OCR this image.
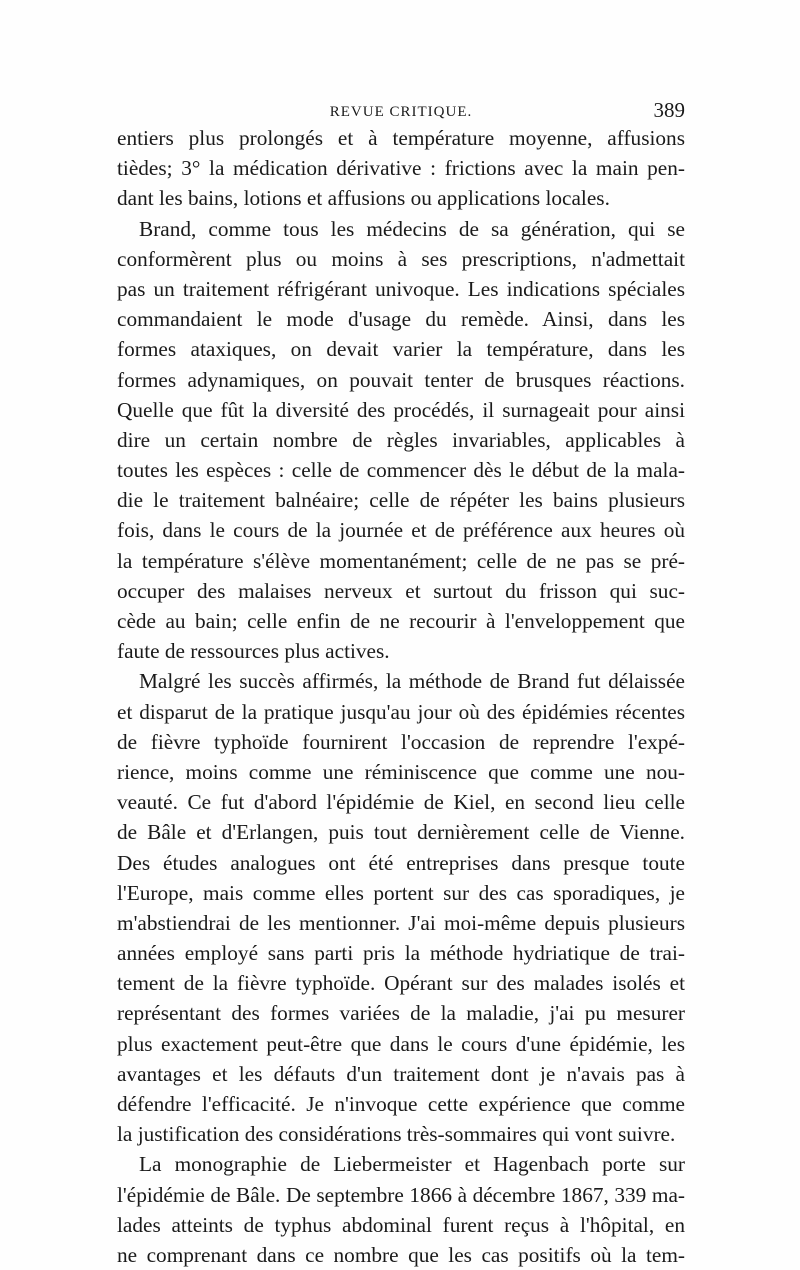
REVUE CRITIQUE.	389
entiers plus prolongés et à température moyenne, affusions
tièdes; 3° la médication dérivative : frictions avec la main pen-
dant les bains, lotions et affusions ou applications locales.
Brand, comme tous les médecins de sa génération, qui se
conformèrent plus ou moins à ses prescriptions, n'admettait
pas un traitement réfrigérant univoque. Les indications spéciales
commandaient le mode d'usage du remède. Ainsi, dans les
formes ataxiques, on devait varier la température, dans les
formes adynamiques, on pouvait tenter de brusques réactions.
Quelle que fût la diversité des procédés, il surnageait pour ainsi
dire un certain nombre de règles invariables, applicables à
toutes les espèces : celle de commencer dès le début de la mala-
die le traitement balnéaire; celle de répéter les bains plusieurs
fois, dans le cours de la journée et de préférence aux heures où
la température s'élève momentanément; celle de ne pas se pré-
occuper des malaises nerveux et surtout du frisson qui suc-
cède au bain; celle enfin de ne recourir à l'enveloppement que
faute de ressources plus actives.
Malgré les succès affirmés, la méthode de Brand fut délaissée
et disparut de la pratique jusqu'au jour où des épidémies récentes
de fièvre typhoïde fournirent l'occasion de reprendre l'expé-
rience, moins comme une réminiscence que comme une nou-
veauté. Ce fut d'abord l'épidémie de Kiel, en second lieu celle
de Bâle et d'Erlangen, puis tout dernièrement celle de Vienne.
Des études analogues ont été entreprises dans presque toute
l'Europe, mais comme elles portent sur des cas sporadiques, je
m'abstiendrai de les mentionner. J'ai moi-même depuis plusieurs
années employé sans parti pris la méthode hydriatique de trai-
tement de la fièvre typhoïde. Opérant sur des malades isolés et
représentant des formes variées de la maladie, j'ai pu mesurer
plus exactement peut-être que dans le cours d'une épidémie, les
avantages et les défauts d'un traitement dont je n'avais pas à
défendre l'efficacité. Je n'invoque cette expérience que comme
la justification des considérations très-sommaires qui vont suivre.
La monographie de Liebermeister et Hagenbach porte sur
l'épidémie de Bâle. De septembre 1866 à décembre 1867, 339 ma-
lades atteints de typhus abdominal furent reçus à l'hôpital, en
ne comprenant dans ce nombre que les cas positifs où la tem-
